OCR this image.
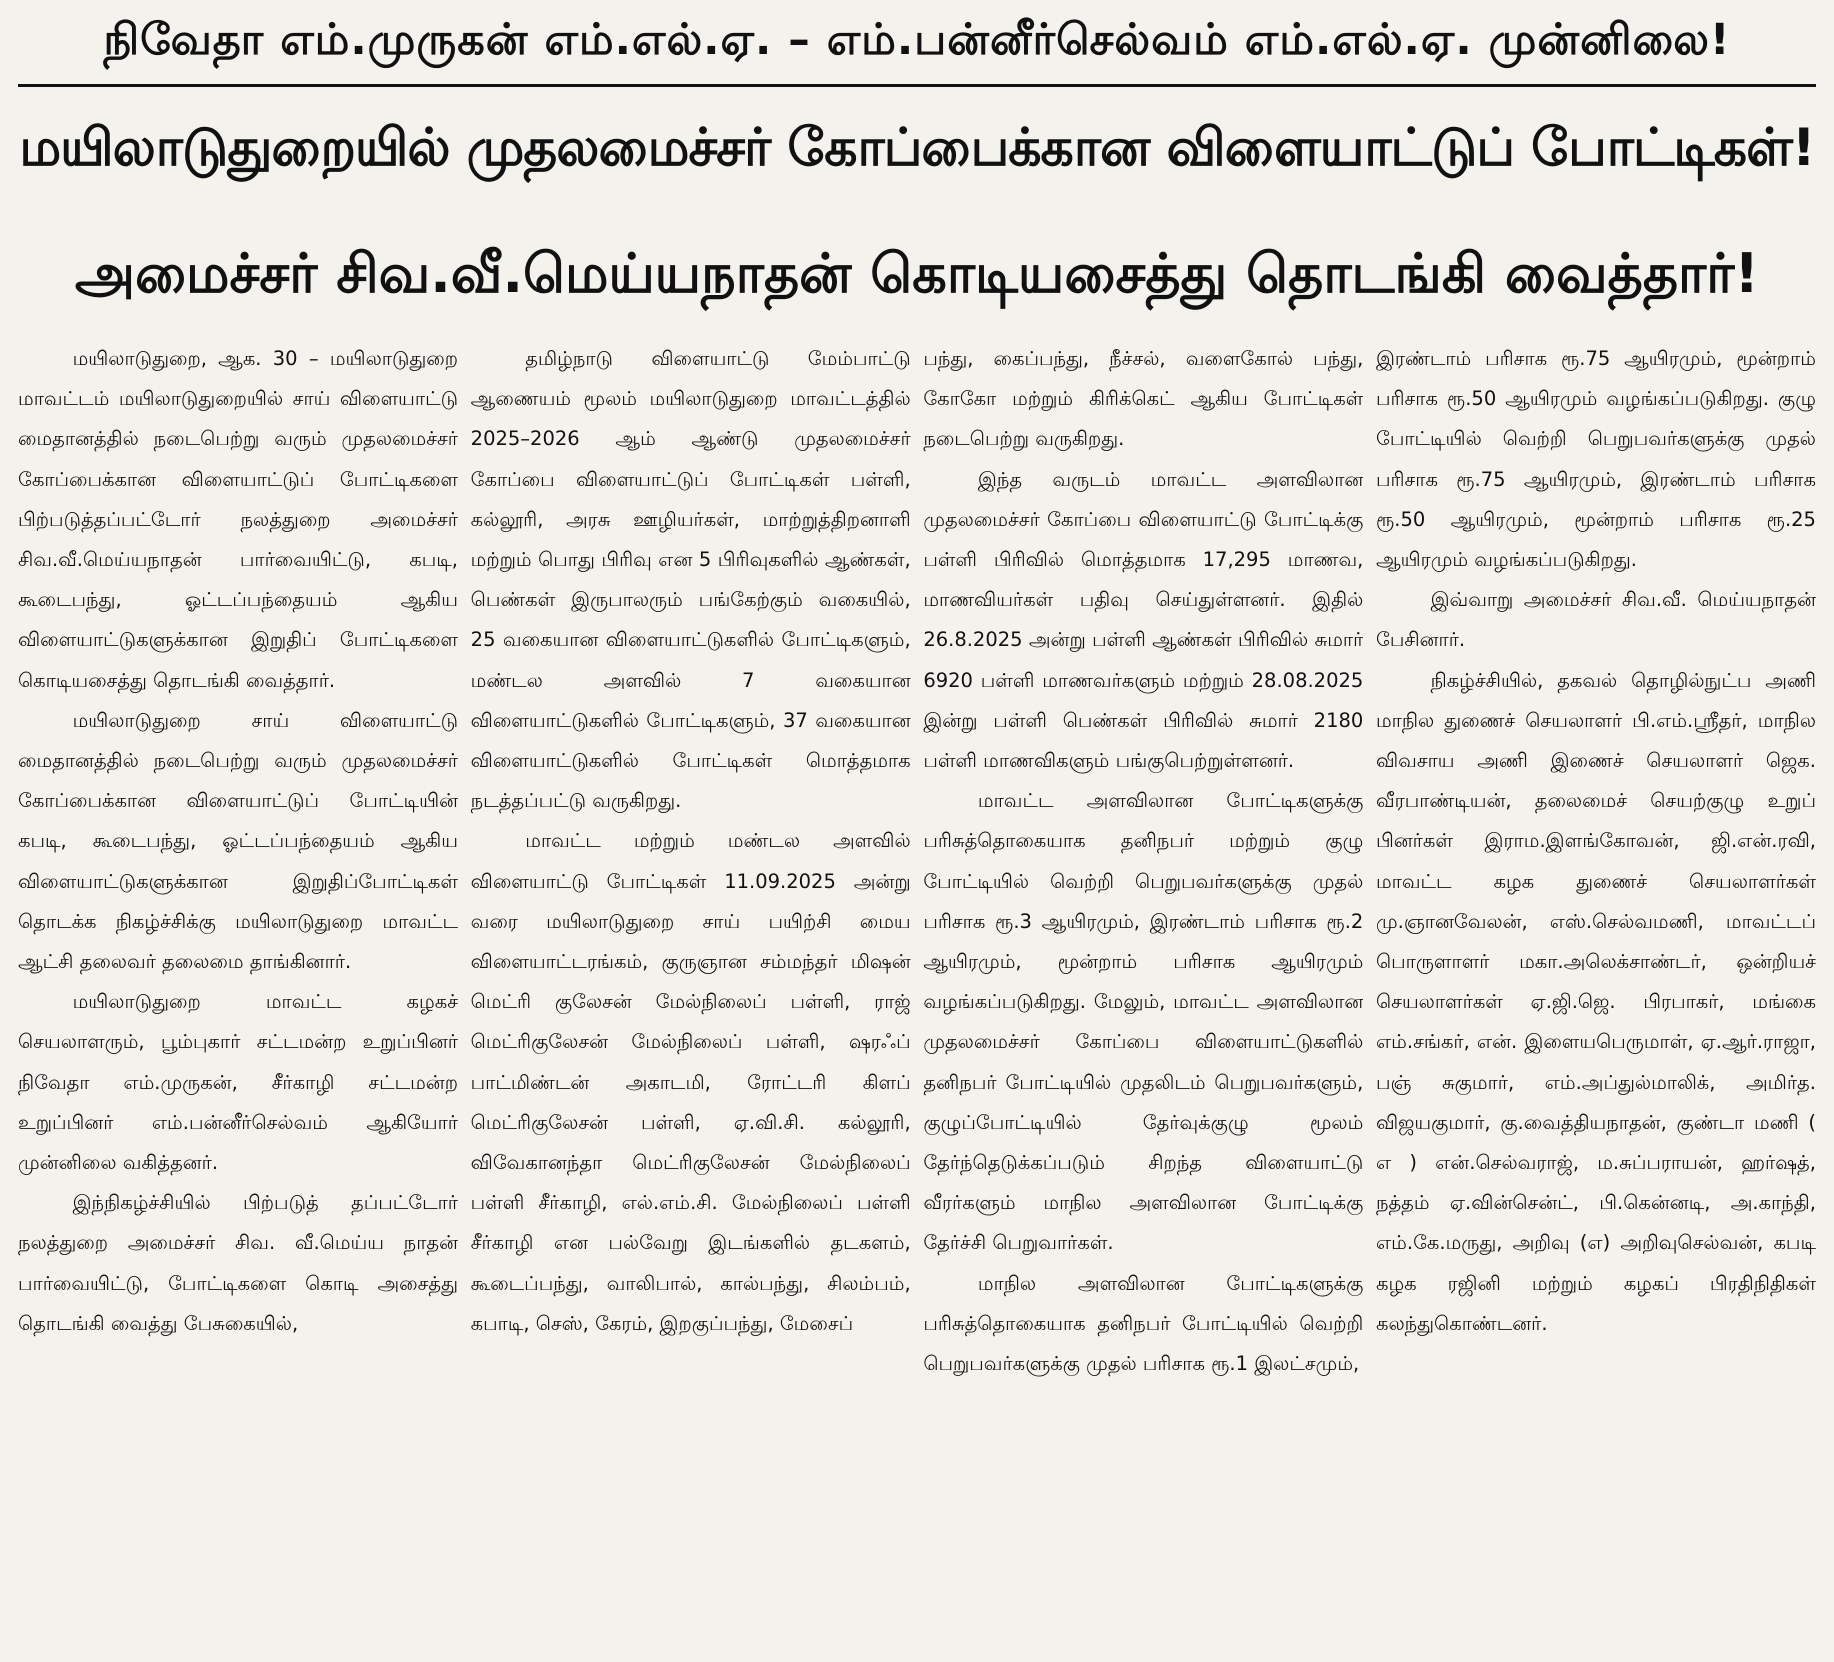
நிவேதா எம்.முருகன் எம்.எல்.ஏ. – எம்.பன்னீர்செல்வம் எம்.எல்.ஏ. முன்னிலை!
மயிலாடுதுறையில் முதலமைச்சர் கோப்பைக்கான விளையாட்டுப் போட்டிகள்!
அமைச்சர் சிவ.வீ.மெய்யநாதன் கொடியசைத்து தொடங்கி வைத்தார்!

மயிலாடுதுறை, ஆக. 30 – மயிலாடுதுறை மாவட்டம் மயிலாடுதுறையில் சாய் விளையாட்டு மைதானத்தில் நடைபெற்று வரும் முதலமைச்சர் கோப்பைக்கான விளையாட்டுப் போட்டிகளை பிற்படுத்தப்பட்டோர் நலத்துறை அமைச்சர் சிவ.வீ.மெய்யநாதன் பார்வையிட்டு, கபடி, கூடைபந்து, ஓட்டப்பந்தையம் ஆகிய விளையாட்டுகளுக்கான இறுதிப் போட்டிகளை கொடியசைத்து தொடங்கி வைத்தார்.

மயிலாடுதுறை சாய் விளையாட்டு மைதானத்தில் நடைபெற்று வரும் முதலமைச்சர் கோப்பைக்கான விளையாட்டுப் போட்டியின் கபடி, கூடைபந்து, ஓட்டப்பந்தையம் ஆகிய விளையாட்டுகளுக்கான இறுதிப்போட்டிகள் தொடக்க நிகழ்ச்சிக்கு மயிலாடுதுறை மாவட்ட ஆட்சி தலைவர் தலைமை தாங்கினார்.

மயிலாடுதுறை மாவட்ட கழகச் செயலாளரும், பூம்புகார் சட்டமன்ற உறுப்பினர் நிவேதா எம்.முருகன், சீர்காழி சட்டமன்ற உறுப்பினர் எம்.பன்னீர்செல்வம் ஆகியோர் முன்னிலை வகித்தனர்.

இந்நிகழ்ச்சியில் பிற்படுத் தப்பட்டோர் நலத்துறை அமைச்சர் சிவ. வீ.மெய்ய நாதன் பார்வையிட்டு, போட்டிகளை கொடி அசைத்து தொடங்கி வைத்து பேசுகையில்,

தமிழ்நாடு விளையாட்டு மேம்பாட்டு ஆணையம் மூலம் மயிலாடுதுறை மாவட்டத்தில் 2025–2026 ஆம் ஆண்டு முதலமைச்சர் கோப்பை விளையாட்டுப் போட்டிகள் பள்ளி, கல்லூரி, அரசு ஊழியர்கள், மாற்றுத்திறனாளி மற்றும் பொது பிரிவு என 5 பிரிவுகளில் ஆண்கள், பெண்கள் இருபாலரும் பங்கேற்கும் வகையில், 25 வகையான விளையாட்டுகளில் போட்டிகளும், மண்டல அளவில் 7 வகையான விளையாட்டுகளில் போட்டிகளும், 37 வகையான விளையாட்டுகளில் போட்டிகள் மொத்தமாக நடத்தப்பட்டு வருகிறது.

மாவட்ட மற்றும் மண்டல அளவில் விளையாட்டு போட்டிகள் 11.09.2025 அன்று வரை மயிலாடுதுறை சாய் பயிற்சி மைய விளையாட்டரங்கம், குருஞான சம்மந்தர் மிஷன் மெட்ரி குலேசன் மேல்நிலைப் பள்ளி, ராஜ் மெட்ரிகுலேசன் மேல்நிலைப் பள்ளி, ஷரஃப் பாட்மிண்டன் அகாடமி, ரோட்டரி கிளப் மெட்ரிகுலேசன் பள்ளி, ஏ.வி.சி. கல்லூரி, விவேகானந்தா மெட்ரிகுலேசன் மேல்நிலைப் பள்ளி சீர்காழி, எல்.எம்.சி. மேல்நிலைப் பள்ளி சீர்காழி என பல்வேறு இடங்களில் தடகளம், கூடைப்பந்து, வாலிபால், கால்பந்து, சிலம்பம், கபாடி, செஸ், கேரம், இறகுப்பந்து, மேசைப்

பந்து, கைப்பந்து, நீச்சல், வளைகோல் பந்து, கோகோ மற்றும் கிரிக்கெட் ஆகிய போட்டிகள் நடைபெற்று வருகிறது.

இந்த வருடம் மாவட்ட அளவிலான முதலமைச்சர் கோப்பை விளையாட்டு போட்டிக்கு பள்ளி பிரிவில் மொத்தமாக 17,295 மாணவ, மாணவியர்கள் பதிவு செய்துள்ளனர். இதில் 26.8.2025 அன்று பள்ளி ஆண்கள் பிரிவில் சுமார் 6920 பள்ளி மாணவர்களும் மற்றும் 28.08.2025 இன்று பள்ளி பெண்கள் பிரிவில் சுமார் 2180 பள்ளி மாணவிகளும் பங்குபெற்றுள்ளனர்.

மாவட்ட அளவிலான போட்டிகளுக்கு பரிசுத்தொகையாக தனிநபர் மற்றும் குழு போட்டியில் வெற்றி பெறுபவர்களுக்கு முதல் பரிசாக ரூ.3 ஆயிரமும், இரண்டாம் பரிசாக ரூ.2 ஆயிரமும், மூன்றாம் பரிசாக ஆயிரமும் வழங்கப்படுகிறது. மேலும், மாவட்ட அளவிலான முதலமைச்சர் கோப்பை விளையாட்டுகளில் தனிநபர் போட்டியில் முதலிடம் பெறுபவர்களும், குழுப்போட்டியில் தேர்வுக்குழு மூலம் தேர்ந்தெடுக்கப்படும் சிறந்த விளையாட்டு வீரர்களும் மாநில அளவிலான போட்டிக்கு தேர்ச்சி பெறுவார்கள்.

மாநில அளவிலான போட்டிகளுக்கு பரிசுத்தொகையாக தனிநபர் போட்டியில் வெற்றி பெறுபவர்களுக்கு முதல் பரிசாக ரூ.1 இலட்சமும்,

இரண்டாம் பரிசாக ரூ.75 ஆயிரமும், மூன்றாம் பரிசாக ரூ.50 ஆயிரமும் வழங்கப்படுகிறது. குழு போட்டியில் வெற்றி பெறுபவர்களுக்கு முதல் பரிசாக ரூ.75 ஆயிரமும், இரண்டாம் பரிசாக ரூ.50 ஆயிரமும், மூன்றாம் பரிசாக ரூ.25 ஆயிரமும் வழங்கப்படுகிறது.

இவ்வாறு அமைச்சர் சிவ.வீ. மெய்யநாதன் பேசினார்.

நிகழ்ச்சியில், தகவல் தொழில்நுட்ப அணி மாநில துணைச் செயலாளர் பி.எம்.ஸ்ரீதர், மாநில விவசாய அணி இணைச் செயலாளர் ஜெக. வீரபாண்டியன், தலைமைச் செயற்குழு உறுப் பினர்கள் இராம.இளங்கோவன், ஜி.என்.ரவி, மாவட்ட கழக துணைச் செயலாளர்கள் மு.ஞானவேலன், எஸ்.செல்வமணி, மாவட்டப் பொருளாளர் மகா.அலெக்சாண்டர், ஒன்றியச் செயலாளர்கள் ஏ.ஜி.ஜெ. பிரபாகர், மங்கை எம்.சங்கர், என். இளையபெருமாள், ஏ.ஆர்.ராஜா, பஞ் சுகுமார், எம்.அப்துல்மாலிக், அமிர்த. விஜயகுமார், கு.வைத்தியநாதன், குண்டா மணி ( எ ) என்.செல்வராஜ், ம.சுப்பராயன், ஹர்ஷத், நத்தம் ஏ.வின்சென்ட், பி.கென்னடி, அ.காந்தி, எம்.கே.மருது, அறிவு (எ) அறிவுசெல்வன், கபடி கழக ரஜினி மற்றும் கழகப் பிரதிநிதிகள் கலந்துகொண்டனர்.
